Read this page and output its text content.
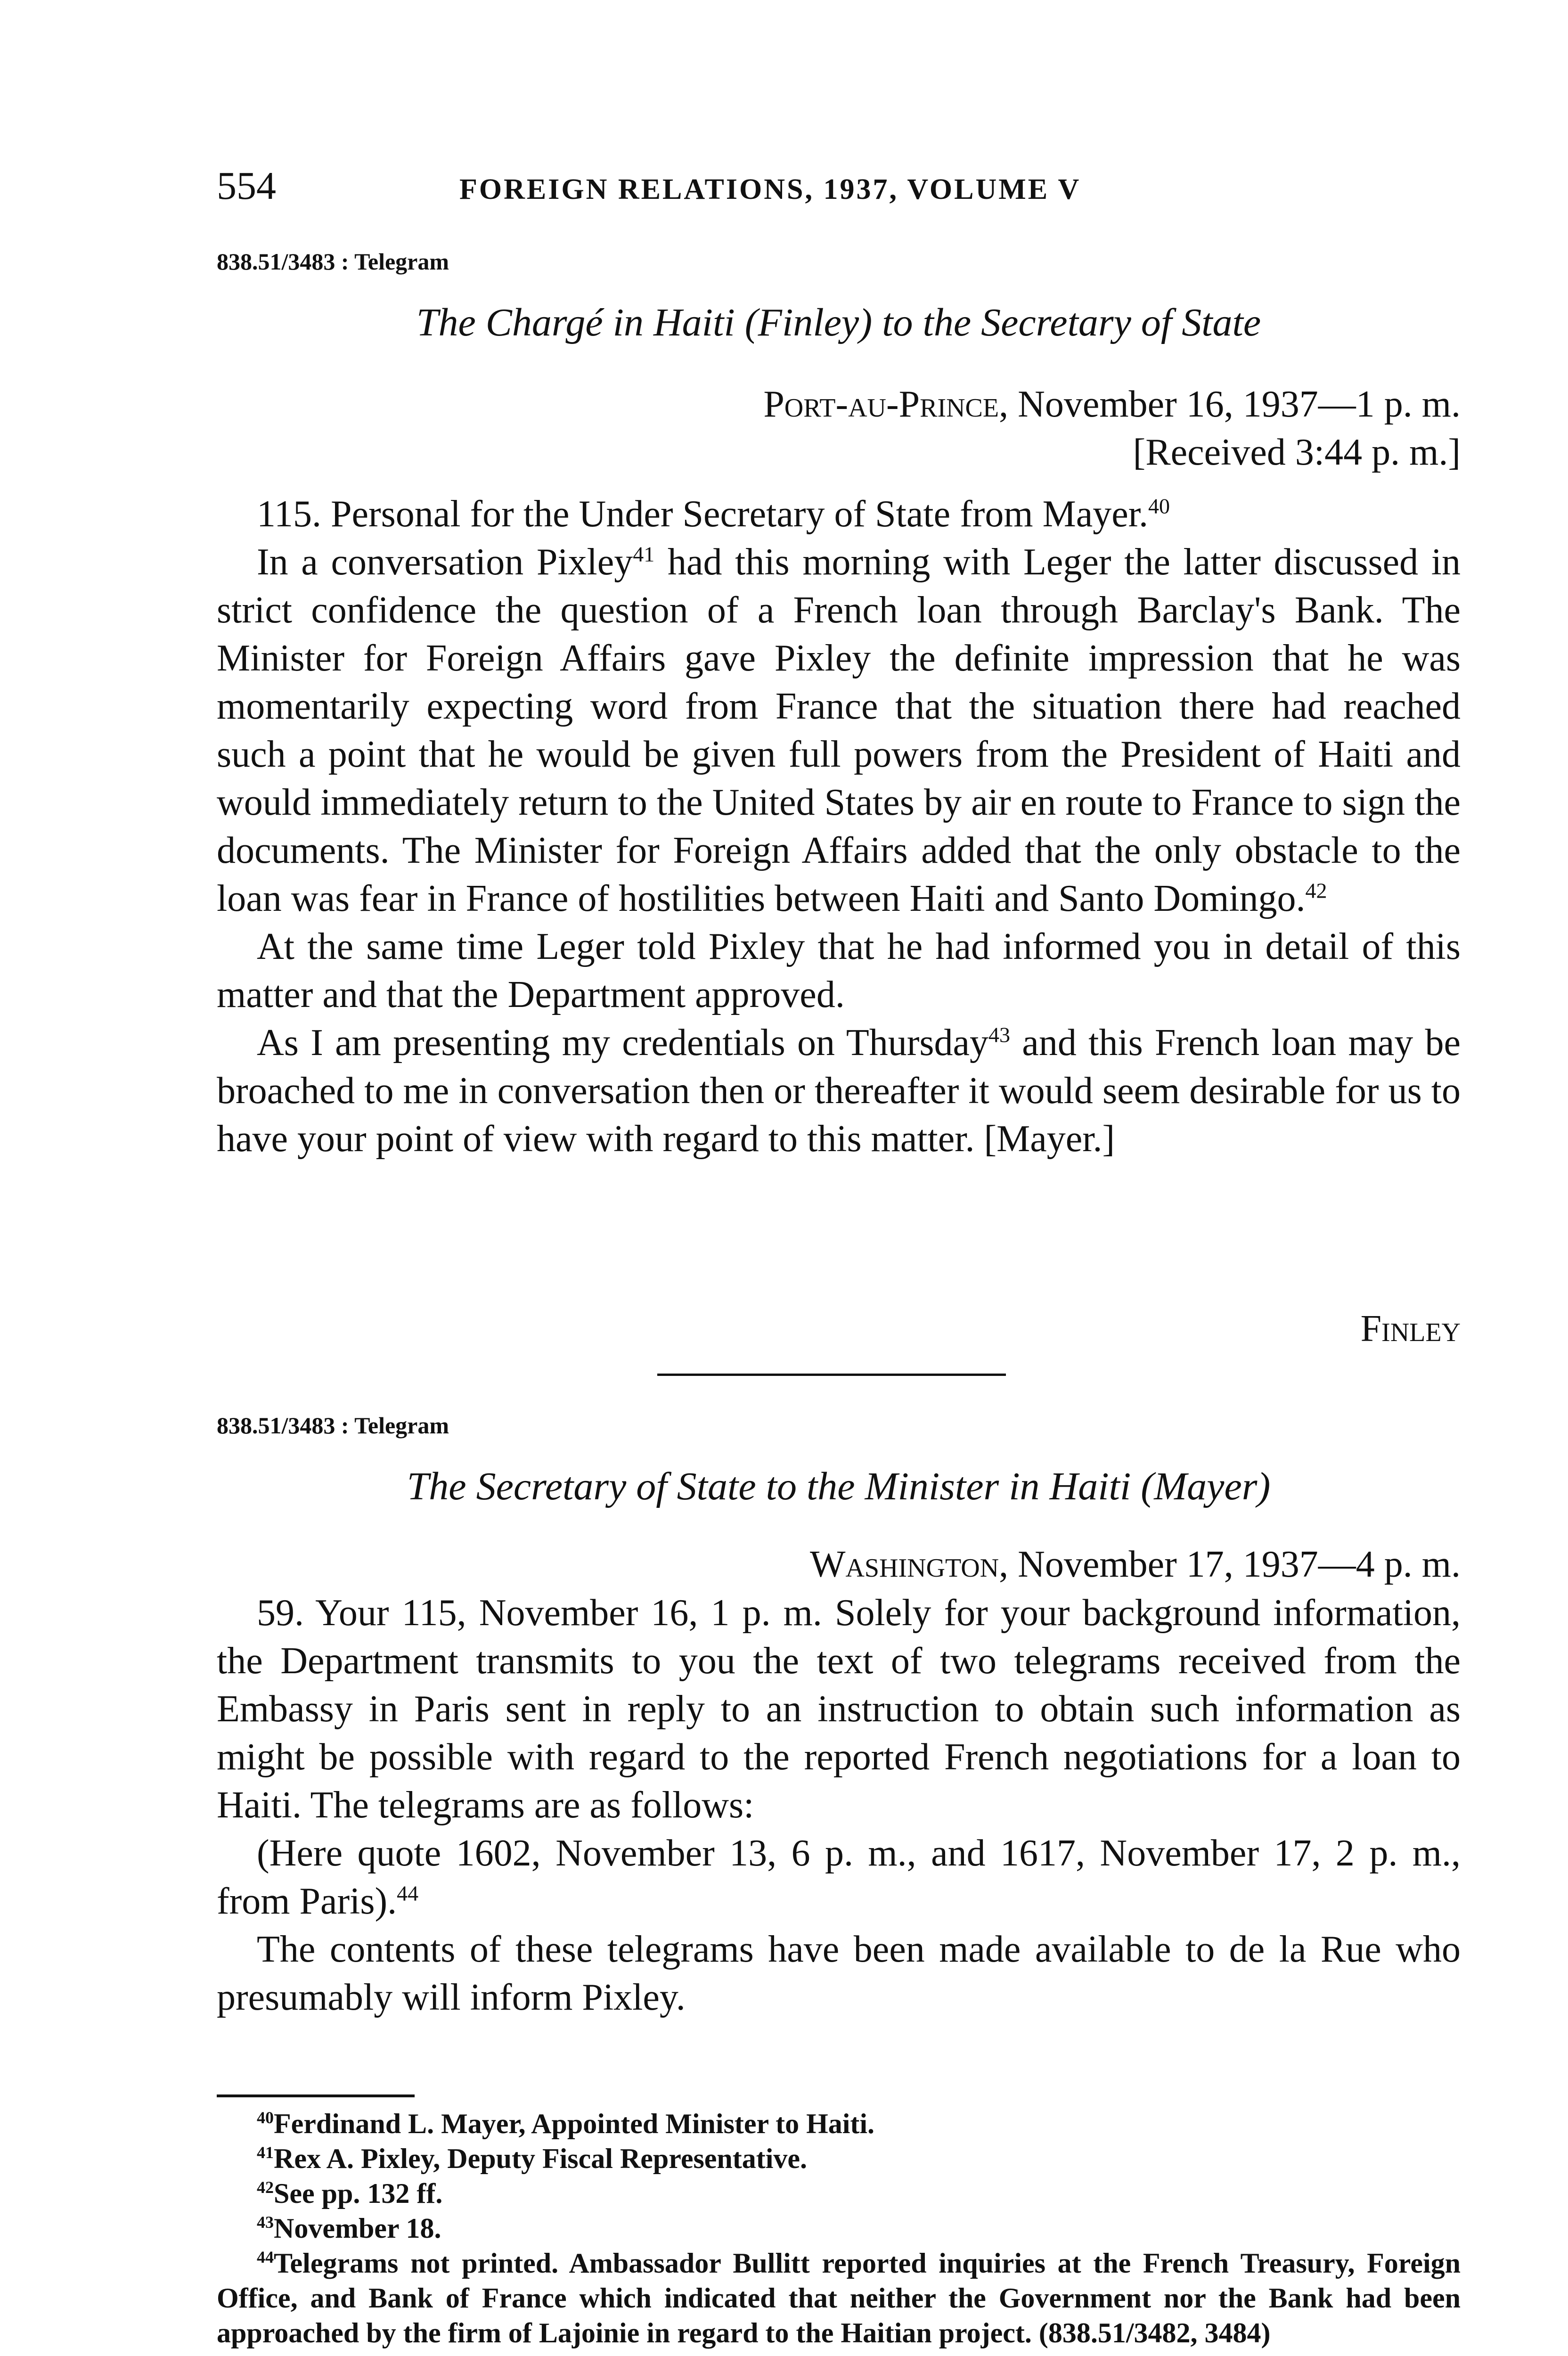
554	FOREIGN RELATIONS, 1937, VOLUME V
838.51/3483 : Telegram
The Chargé in Haiti (Finley) to the Secretary of State
Port-au-Prince, November 16, 1937—1 p. m.
[Received 3:44 p. m.]

115. Personal for the Under Secretary of State from Mayer.$^{40}$

In a conversation Pixley$^{41}$ had this morning with Leger the latter discussed in strict confidence the question of a French loan through Barclay's Bank. The Minister for Foreign Affairs gave Pixley the definite impression that he was momentarily expecting word from France that the situation there had reached such a point that he would be given full powers from the President of Haiti and would immediately return to the United States by air en route to France to sign the documents. The Minister for Foreign Affairs added that the only obstacle to the loan was fear in France of hostilities between Haiti and Santo Domingo.$^{42}$

At the same time Leger told Pixley that he had informed you in detail of this matter and that the Department approved.

As I am presenting my credentials on Thursday$^{43}$ and this French loan may be broached to me in conversation then or thereafter it would seem desirable for us to have your point of view with regard to this matter. [Mayer.]

Finley
838.51/3483 : Telegram
The Secretary of State to the Minister in Haiti (Mayer)
Washington, November 17, 1937—4 p. m.

59. Your 115, November 16, 1 p. m. Solely for your background information, the Department transmits to you the text of two telegrams received from the Embassy in Paris sent in reply to an instruction to obtain such information as might be possible with regard to the reported French negotiations for a loan to Haiti. The telegrams are as follows:

(Here quote 1602, November 13, 6 p. m., and 1617, November 17, 2 p. m., from Paris).$^{44}$

The contents of these telegrams have been made available to de la Rue who presumably will inform Pixley.

$^{40}$Ferdinand L. Mayer, Appointed Minister to Haiti.

$^{41}$Rex A. Pixley, Deputy Fiscal Representative.

$^{42}$See pp. 132 ff.

$^{43}$November 18.

$^{44}$Telegrams not printed. Ambassador Bullitt reported inquiries at the French Treasury, Foreign Office, and Bank of France which indicated that neither the Government nor the Bank had been approached by the firm of Lajoinie in regard to the Haitian project. (838.51/3482, 3484)
